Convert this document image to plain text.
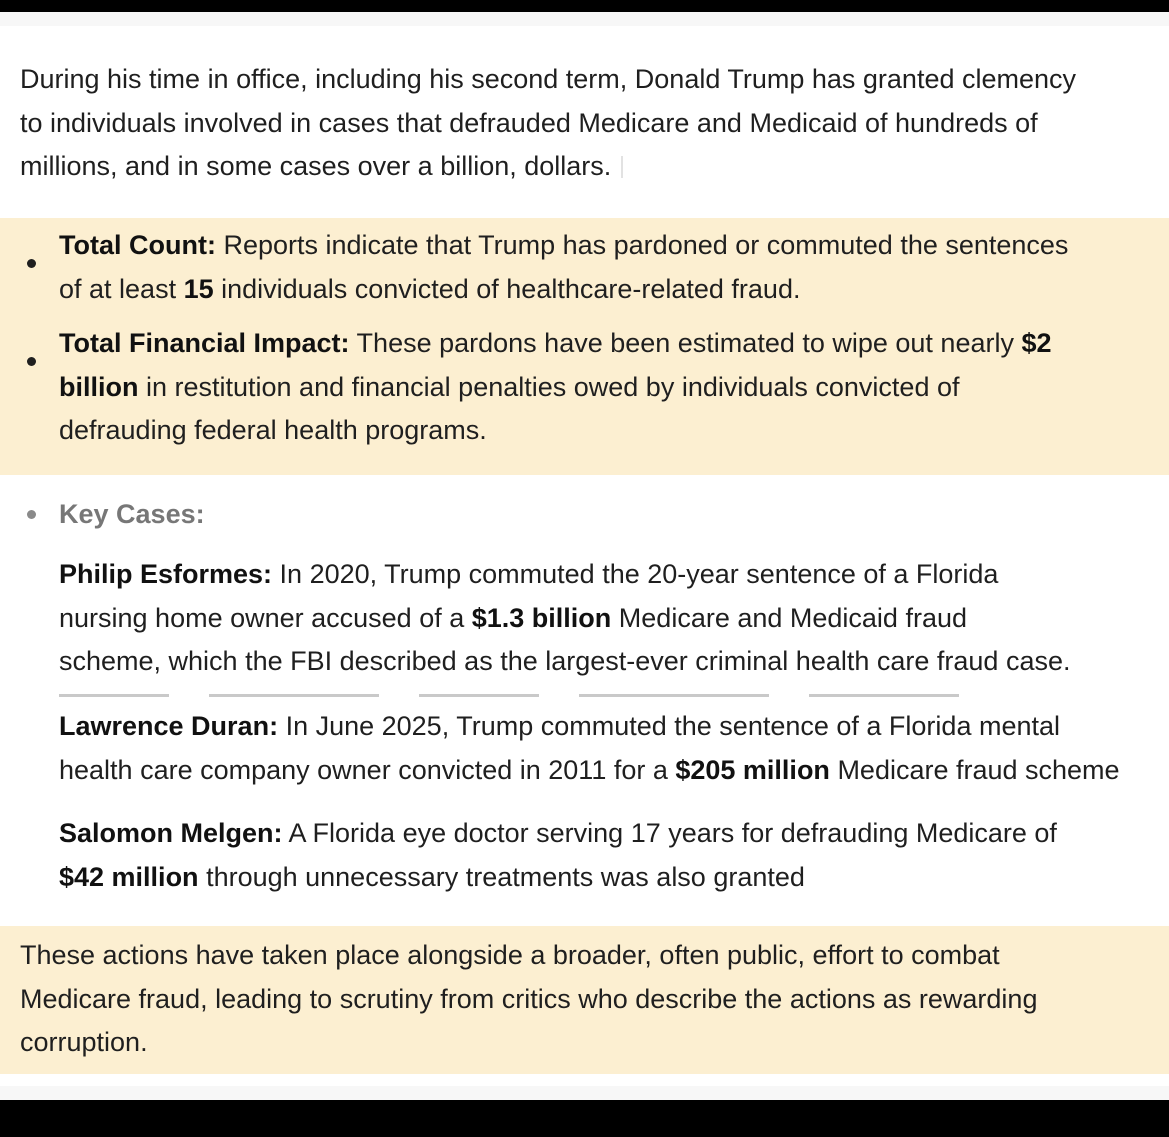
During his time in office, including his second term, Donald Trump has granted clemency

to individuals involved in cases that defrauded Medicare and Medicaid of hundreds of

millions, and in some cases over a billion, dollars.

Total Count: Reports indicate that Trump has pardoned or commuted the sentences

of at least 15 individuals convicted of healthcare-related fraud.

Total Financial Impact: These pardons have been estimated to wipe out nearly $2

billion in restitution and financial penalties owed by individuals convicted of

defrauding federal health programs.

Key Cases:

Philip Esformes: In 2020, Trump commuted the 20-year sentence of a Florida

nursing home owner accused of a $1.3 billion Medicare and Medicaid fraud

scheme, which the FBI described as the largest-ever criminal health care fraud case.

Lawrence Duran: In June 2025, Trump commuted the sentence of a Florida mental

health care company owner convicted in 2011 for a $205 million Medicare fraud scheme

Salomon Melgen: A Florida eye doctor serving 17 years for defrauding Medicare of

$42 million through unnecessary treatments was also granted

These actions have taken place alongside a broader, often public, effort to combat

Medicare fraud, leading to scrutiny from critics who describe the actions as rewarding

corruption.
